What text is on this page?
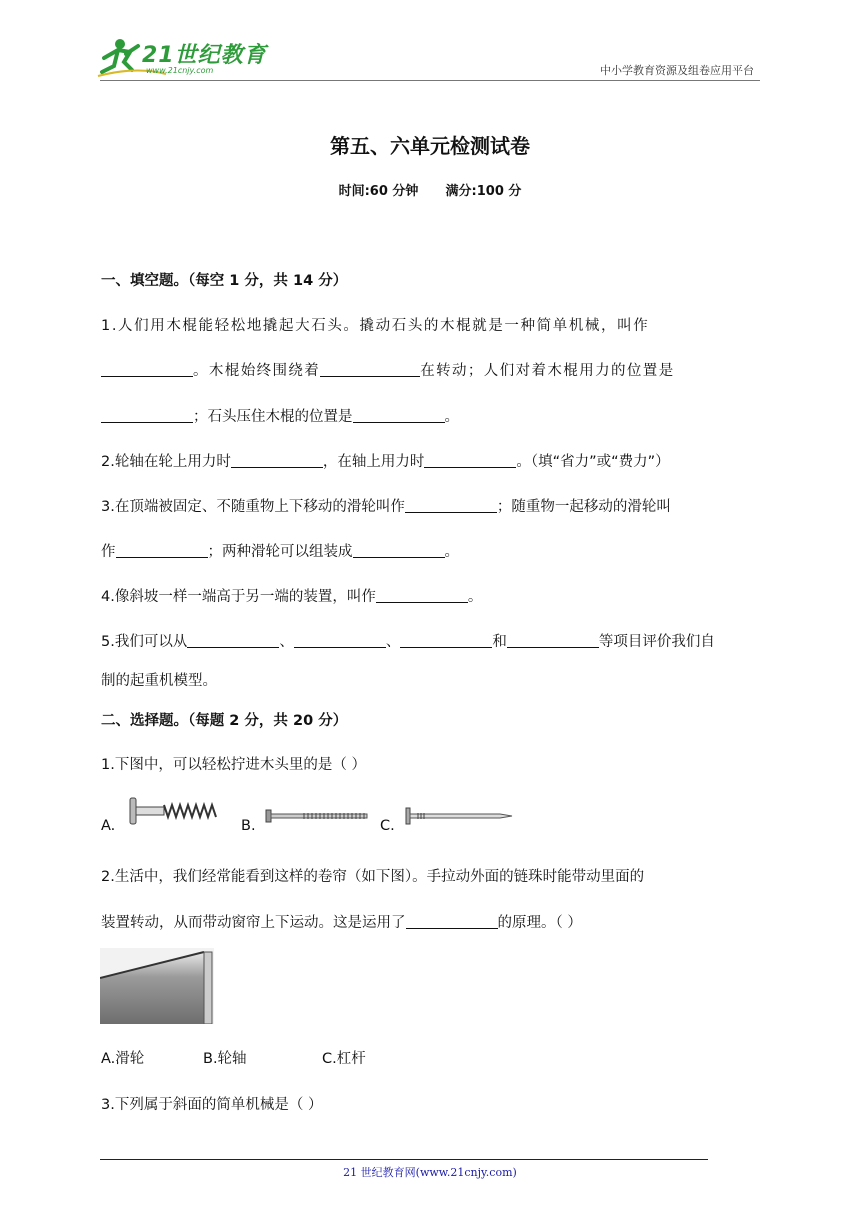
21世纪教育
www.21cnjy.com	中小学教育资源及组卷应用平台
第五、六单元检测试卷
时间:60 分钟      满分:100 分
一、填空题。（每空 1 分，共 14 分）
1.人们用木棍能轻松地撬起大石头。撬动石头的木棍就是一种简单机械，叫作
。木棍始终围绕着	在转动；人们对着木棍用力的位置是
；石头压住木棍的位置是	。
2.轮轴在轮上用力时	，在轴上用力时	。（填“省力”或“费力”）
3.在顶端被固定、不随重物上下移动的滑轮叫作	；随重物一起移动的滑轮叫
作	；两种滑轮可以组装成	。
4.像斜坡一样一端高于另一端的装置，叫作	。
5.我们可以从	、	、	和	等项目评价我们自
制的起重机模型。
二、选择题。（每题 2 分，共 20 分）
1.下图中，可以轻松拧进木头里的是（ ）
A.	B.	C.
2.生活中，我们经常能看到这样的卷帘（如下图）。手拉动外面的链珠时能带动里面的
装置转动，从而带动窗帘上下运动。这是运用了	的原理。（ ）
A.滑轮	B.轮轴	C.杠杆
3.下列属于斜面的简单机械是（ ）
21 世纪教育网(www.21cnjy.com)
